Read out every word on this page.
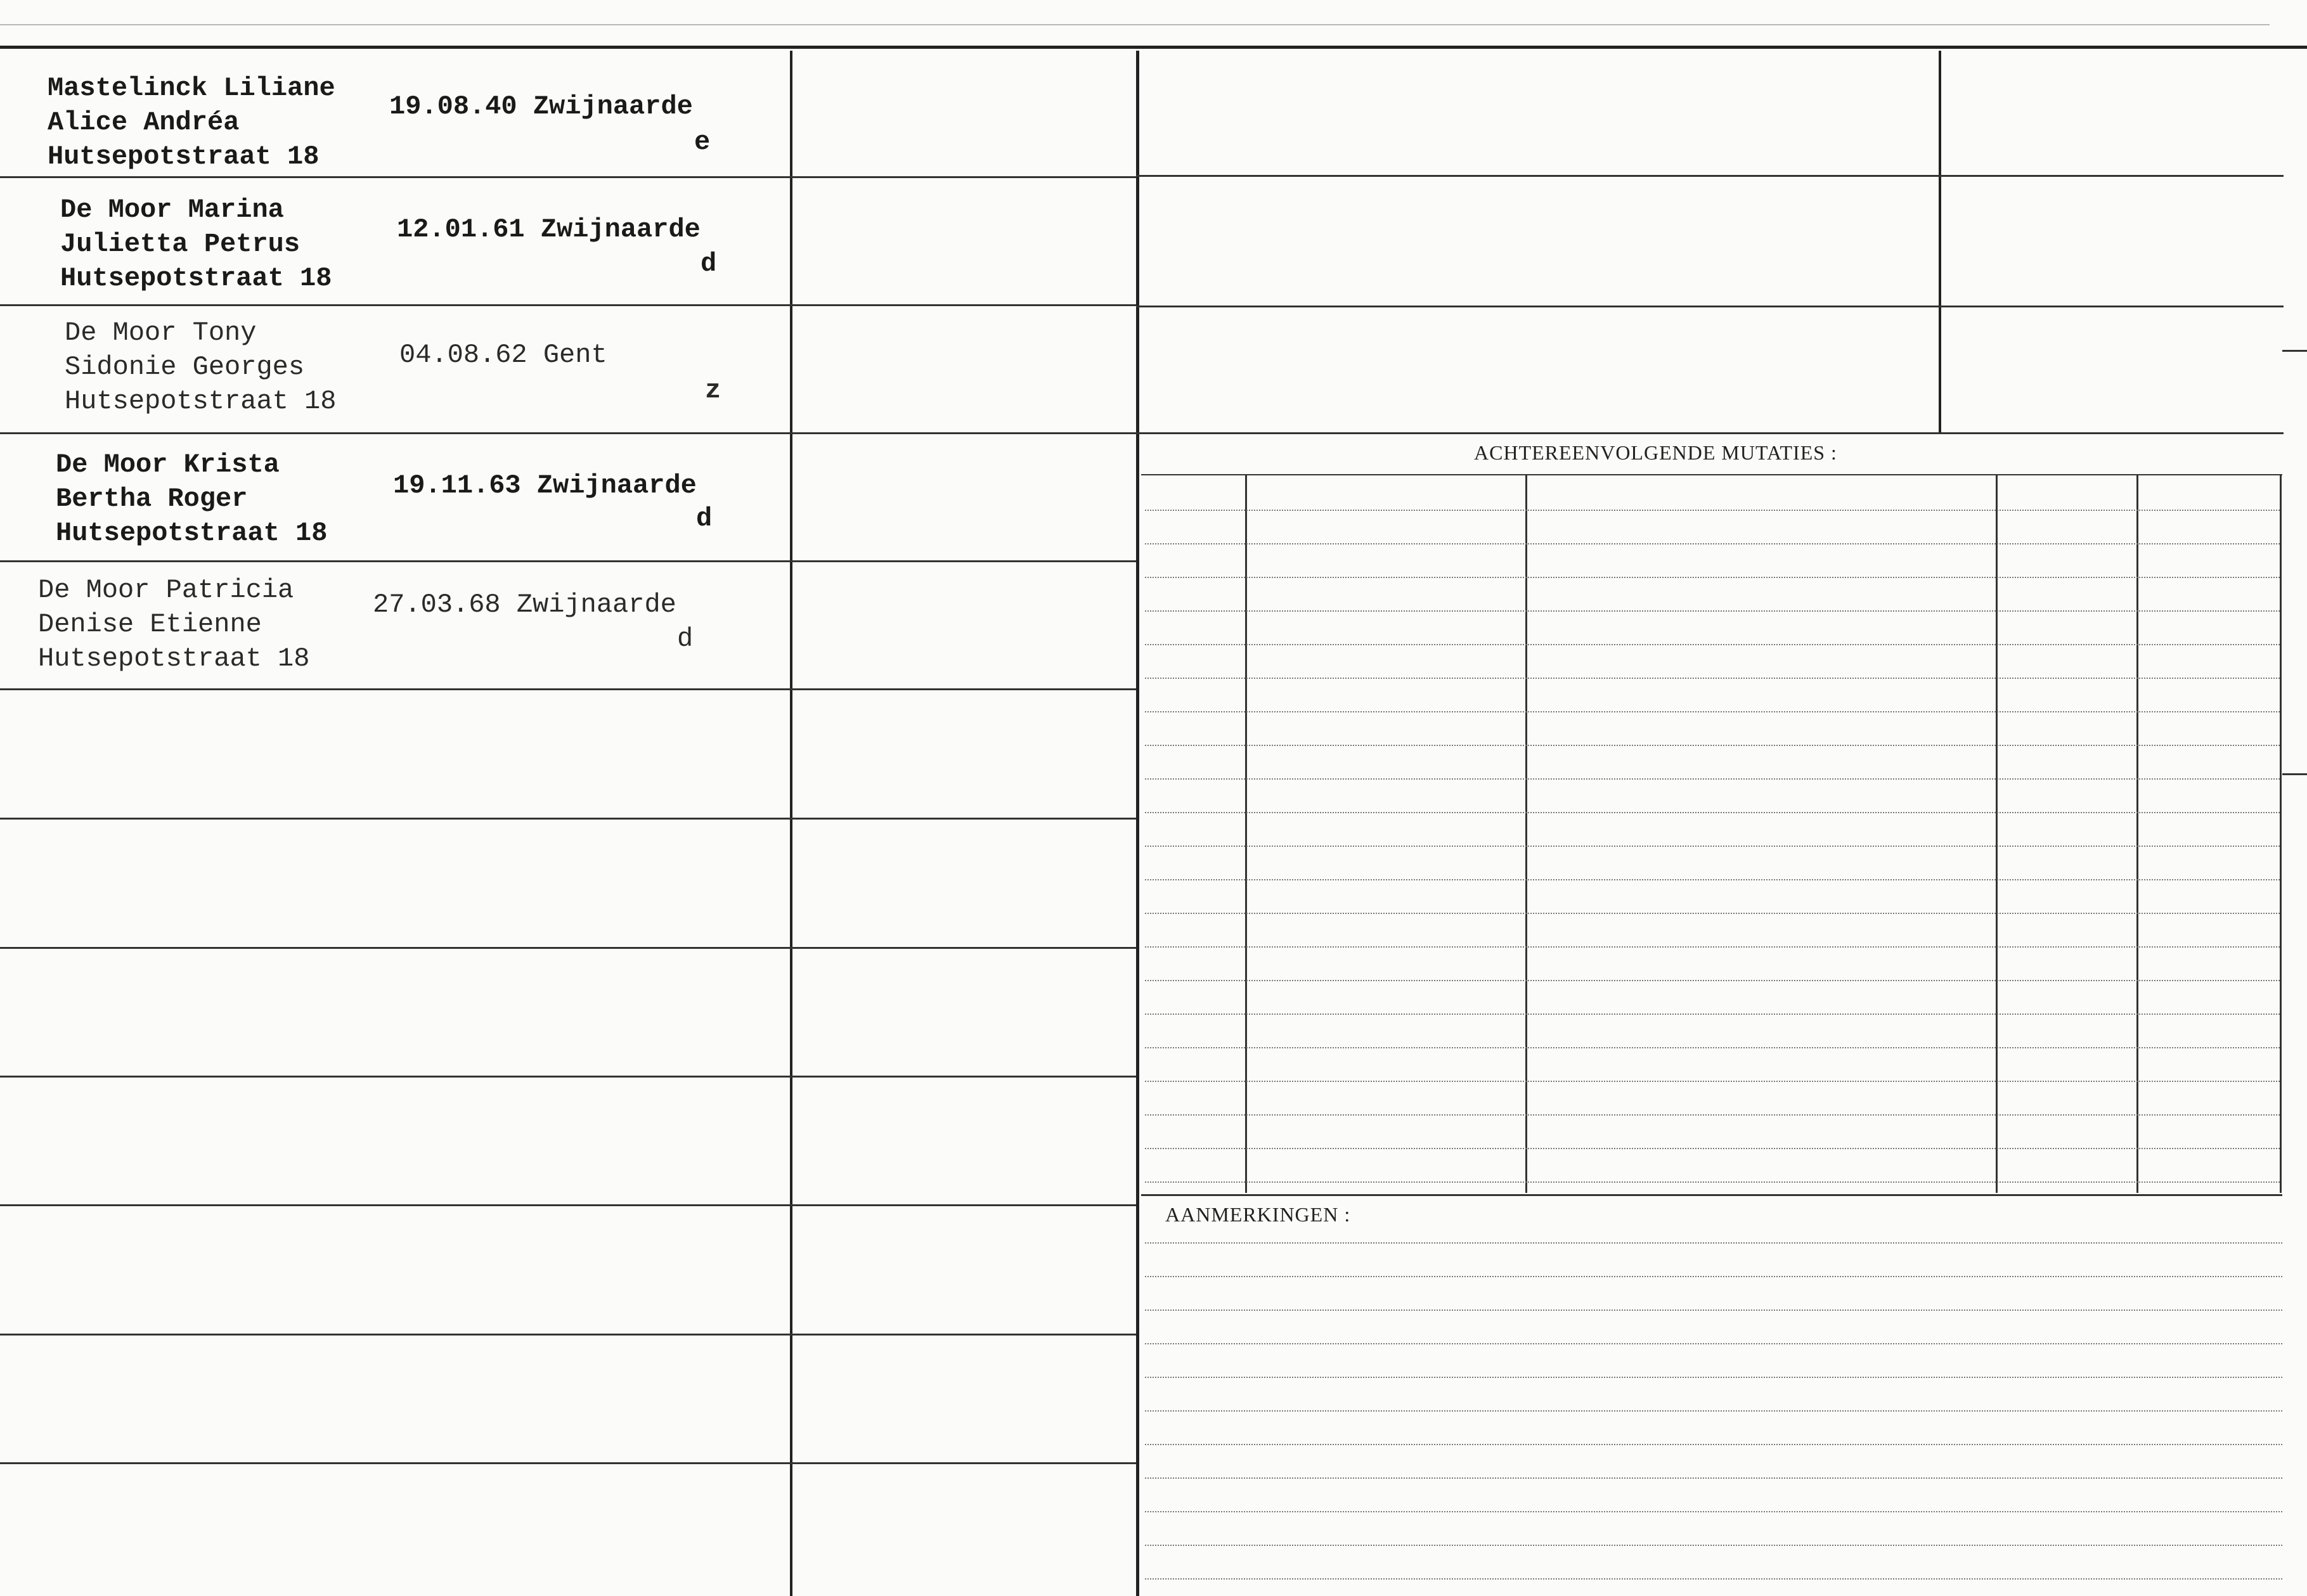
Mastelinck Liliane
Alice Andréa
Hutsepotstraat 18
19.08.40 Zwijnaarde
e
De Moor Marina
Julietta Petrus
Hutsepotstraat 18
12.01.61 Zwijnaarde
d
De Moor Tony
Sidonie Georges
Hutsepotstraat 18
04.08.62 Gent
z
De Moor Krista
Bertha Roger
Hutsepotstraat 18
19.11.63 Zwijnaarde
d
De Moor Patricia
Denise Etienne
Hutsepotstraat 18
27.03.68 Zwijnaarde
d
ACHTEREENVOLGENDE MUTATIES :
AANMERKINGEN :
